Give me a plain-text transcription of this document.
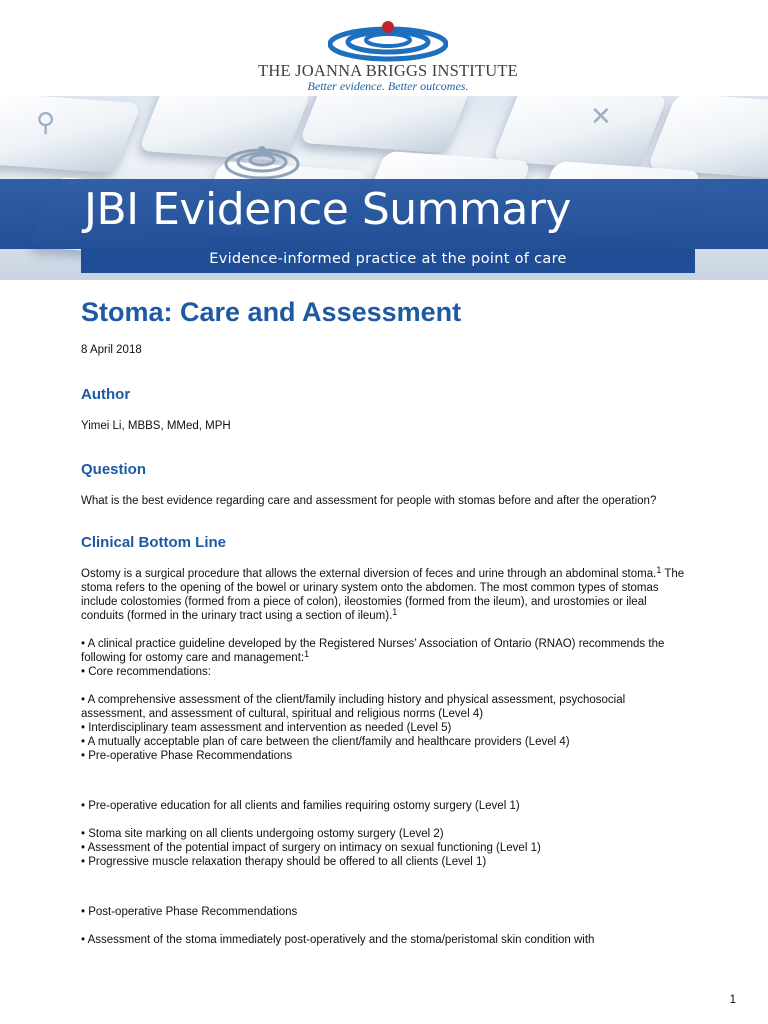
⚲	✕
THE JOANNA BRIGGS INSTITUTE
Better evidence. Better outcomes.
JBI Evidence Summary
Evidence-informed practice at the point of care
Stoma: Care and Assessment
8 April 2018
Author
Yimei Li, MBBS, MMed, MPH
Question
What is the best evidence regarding care and assessment for people with stomas before and after the operation?
Clinical Bottom Line
Ostomy is a surgical procedure that allows the external diversion of feces and urine through an abdominal stoma.$^1$ The stoma refers to the opening of the bowel or urinary system onto the abdomen. The most common types of stomas include colostomies (formed from a piece of colon), ileostomies (formed from the ileum), and urostomies or ileal conduits (formed in the urinary tract using a section of ileum).$^1$
• A clinical practice guideline developed by the Registered Nurses’ Association of Ontario (RNAO) recommends the following for ostomy care and management:$^1$
• Core recommendations:
• A comprehensive assessment of the client/family including history and physical assessment, psychosocial assessment, and assessment of cultural, spiritual and religious norms (Level 4)
• Interdisciplinary team assessment and intervention as needed (Level 5)
• A mutually acceptable plan of care between the client/family and healthcare providers (Level 4)
• Pre-operative Phase Recommendations
• Pre-operative education for all clients and families requiring ostomy surgery (Level 1)
• Stoma site marking on all clients undergoing ostomy surgery (Level 2)
• Assessment of the potential impact of surgery on intimacy on sexual functioning (Level 1)
• Progressive muscle relaxation therapy should be offered to all clients (Level 1)
• Post-operative Phase Recommendations
• Assessment of the stoma immediately post-operatively and the stoma/peristomal skin condition with
1
